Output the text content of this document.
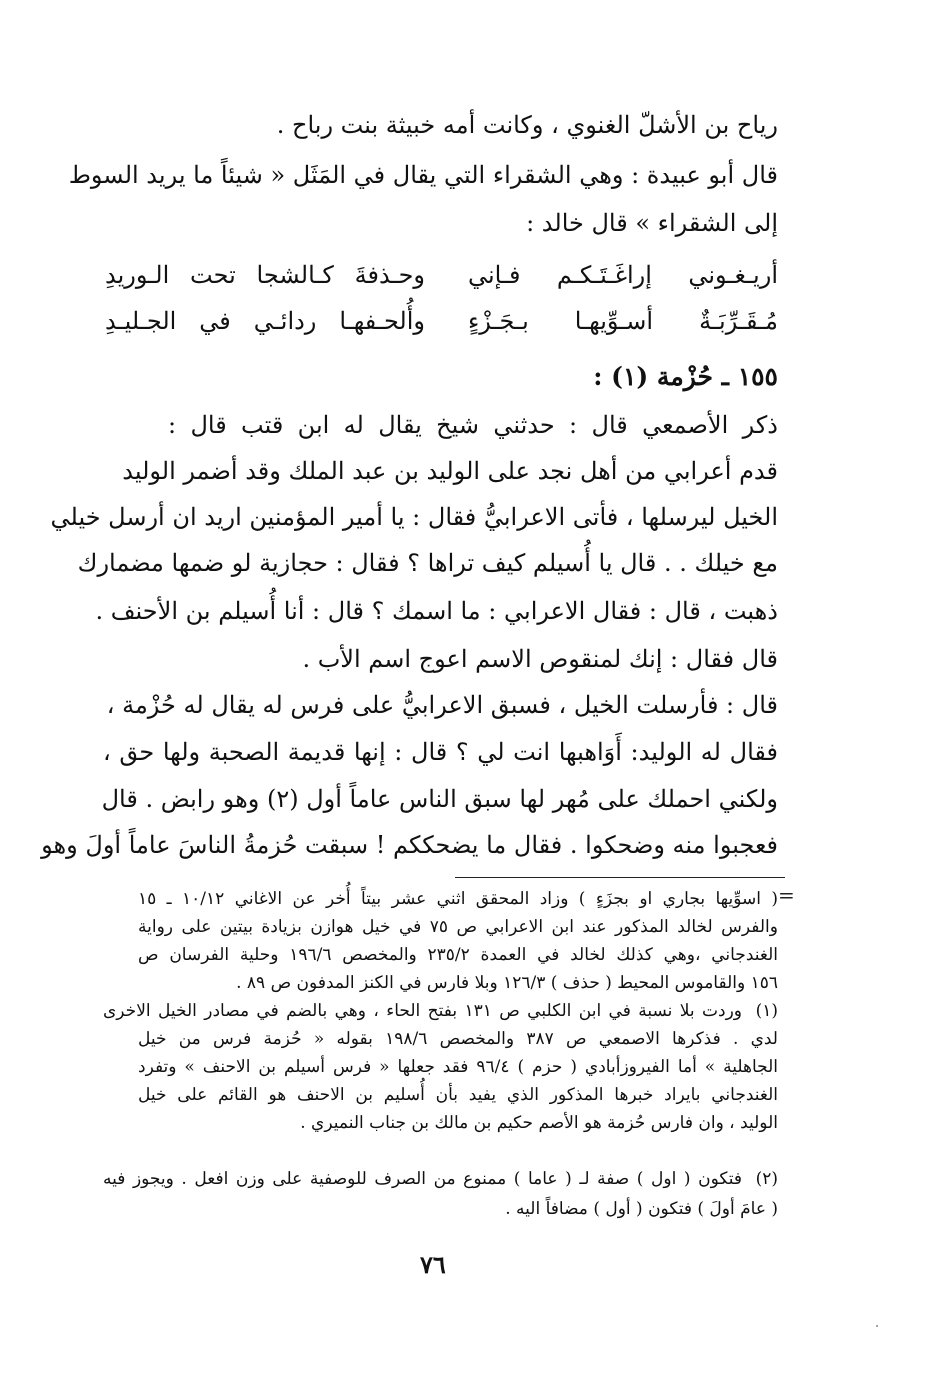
رياح بن الأشلّ الغنوي ، وكانت أمه خبيثة بنت رباح .
قال أبو عبيدة : وهي الشقراء التي يقال في المَثَل « شيئاً ما يريد السوط
إلى الشقراء » قال خالد :
أريـغـوني إراغَـتَـكـم فـإني
وحـذفةَ كـالشجا تحت الـوريدِ
مُـقَـرِّبَـةٌ أسـوِّيهـا بـجَـزْءٍ
وأُلحـفهـا ردائـي في الجـليـدِ
١٥٥ ـ حُزْمة (١) :
ذكر الأصمعي قال : حدثني شيخ يقال له ابن قتب قال :
قدم أعرابي من أهل نجد على الوليد بن عبد الملك وقد أضمر الوليد
الخيل ليرسلها ، فأتى الاعرابيُّ فقال : يا أمير المؤمنين اريد ان أرسل خيلي
مع خيلك . . قال يا أُسيلم كيف تراها ؟ فقال : حجازية لو ضمها مضمارك
ذهبت ، قال : فقال الاعرابي : ما اسمك ؟ قال : أنا أُسيلم بن الأحنف .
قال فقال : إنك لمنقوص الاسم اعوج اسم الأب .
قال : فأرسلت الخيل ، فسبق الاعرابيُّ على فرس له يقال له حُزْمة ،
فقال له الوليد: أَوَاهبها انت لي ؟ قال : إنها قديمة الصحبة ولها حق ،
ولكني احملك على مُهر لها سبق الناس عاماً أول (٢) وهو رابض . قال
فعجبوا منه وضحكوا . فقال ما يضحككم ! سبقت حُزمةُ الناسَ عاماً أولَ وهو
=
( اسوِّيها بجاري او بجزَءٍ ) وزاد المحقق اثني عشر بيتاً أُخر عن الاغاني ١٠/١٢ ـ ١٥
والفرس لخالد المذكور عند ابن الاعرابي ص ٧٥ في خيل هوازن بزيادة بيتين على رواية
الغندجاني ،وهي كذلك لخالد في العمدة ٢٣٥/٢ والمخصص ١٩٦/٦ وحلية الفرسان ص
١٥٦ والقاموس المحيط ( حذف ) ١٢٦/٣ وبلا فارس في الكنز المدفون ص ٨٩ .
(١)
وردت بلا نسبة في ابن الكلبي ص ١٣١ بفتح الحاء ، وهي بالضم في مصادر الخيل الاخرى
لدي . فذكرها الاصمعي ص ٣٨٧ والمخصص ١٩٨/٦ بقوله « حُزمة فرس من خيل
الجاهلية » أما الفيروزأبادي ( حزم ) ٩٦/٤ فقد جعلها « فرس أسيلم بن الاحنف » وتفرد
الغندجاني بايراد خبرها المذكور الذي يفيد بأن أُسليم بن الاحنف هو القائم على خيل
الوليد ، وان فارس حُزمة هو الأصم حكيم بن مالك بن جناب النميري .
(٢)
فتكون ( اول ) صفة لـ ( عاما ) ممنوع من الصرف للوصفية على وزن افعل . ويجوز فيه
( عامَ أولَ ) فتكون ( أول ) مضافاً اليه .
٧٦
